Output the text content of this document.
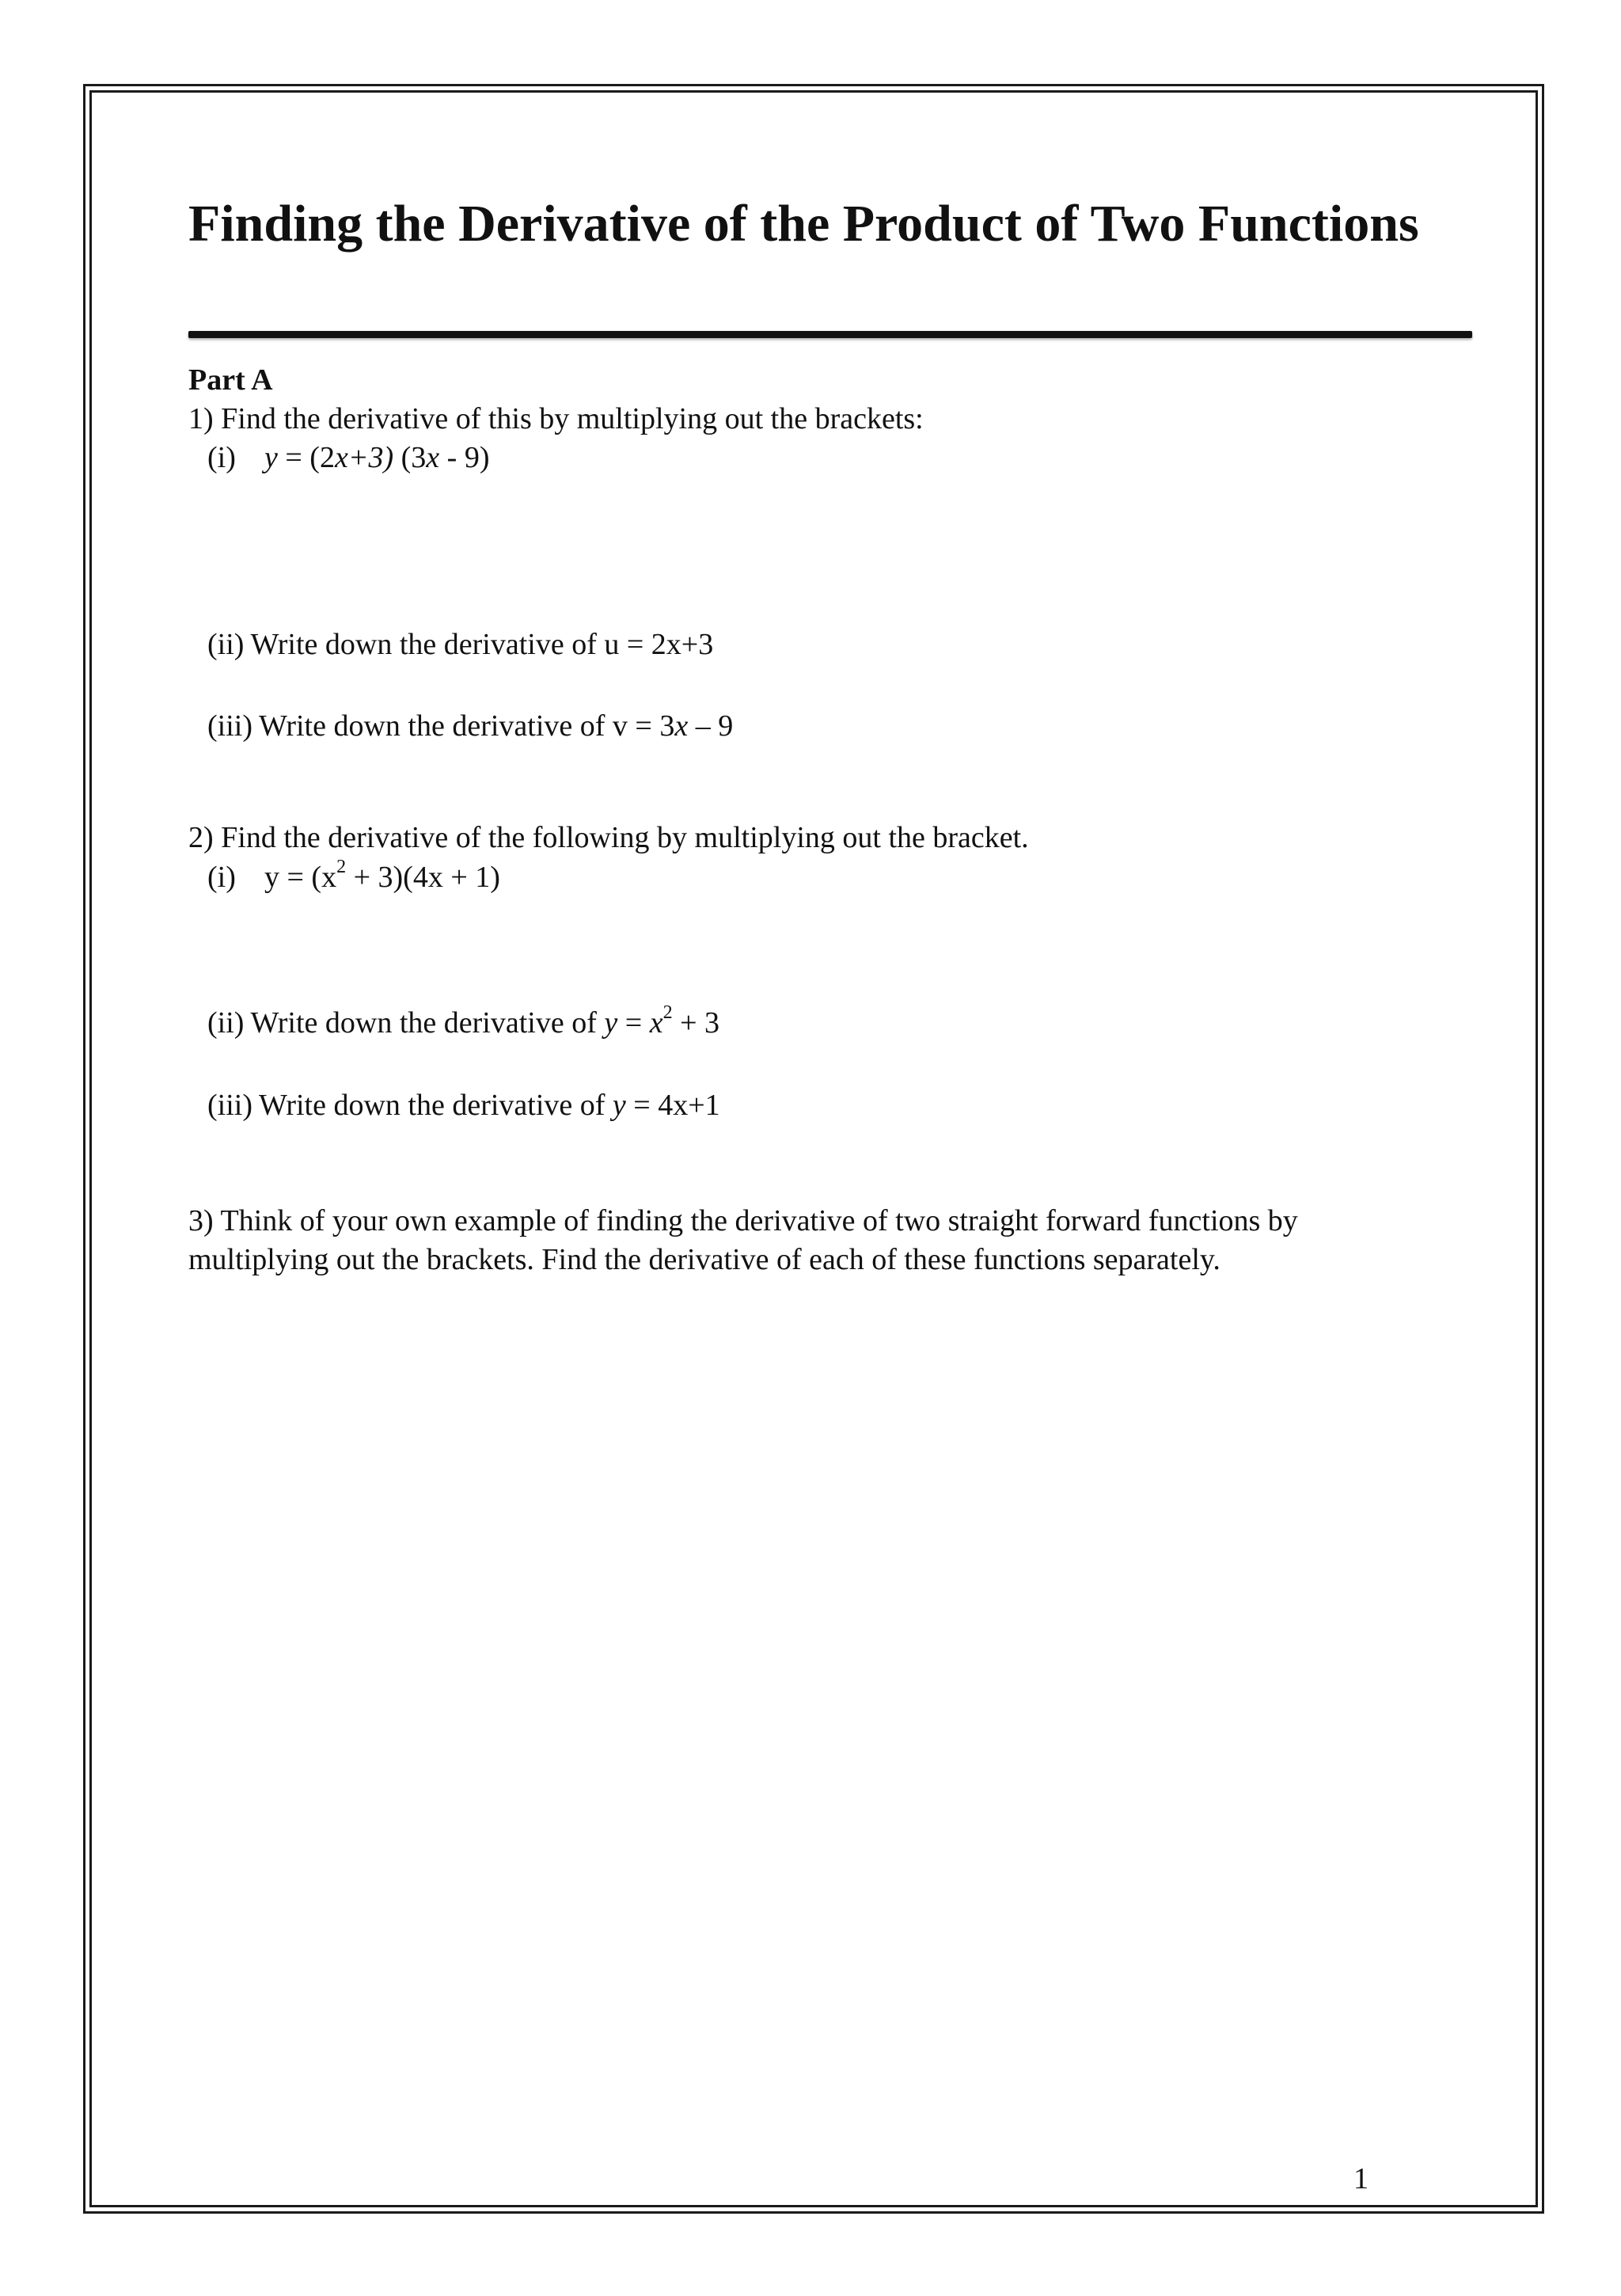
Finding the Derivative of the Product of Two Functions
Part A
1) Find the derivative of this by multiplying out the brackets:
(i) y = (2x+3) (3x - 9)
(ii) Write down the derivative of u = 2x+3
(iii) Write down the derivative of v = 3x – 9
2) Find the derivative of the following by multiplying out the bracket.
(i) $y = (x^2 + 3)(4x + 1)$
(ii) Write down the derivative of $y = x^2 + 3$
(iii) Write down the derivative of y = 4x+1
3) Think of your own example of finding the derivative of two straight forward functions by multiplying out the brackets. Find the derivative of each of these functions separately.
1
